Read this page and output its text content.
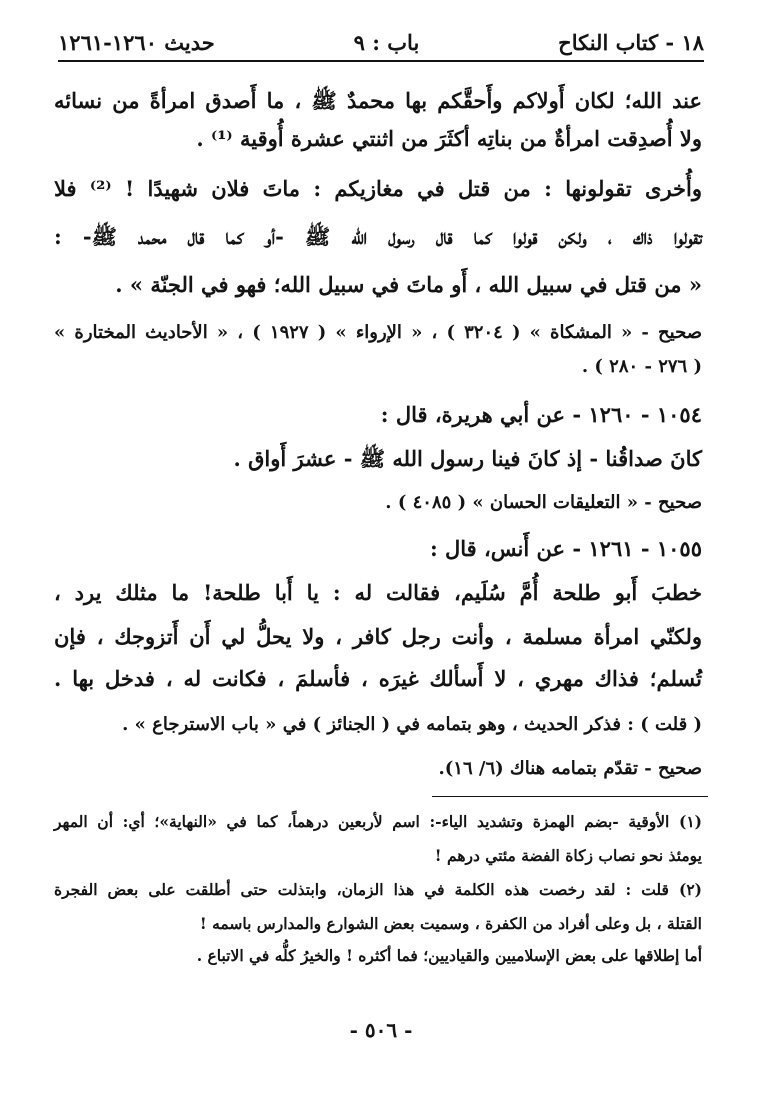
١٨ - كتاب النكاح
باب : ٩
حديث ١٢٦٠-١٢٦١
عند الله؛ لكان أَولاكم وأَحقَّكم بها محمدٌ ﷺ ، ما أَصدق امرأةً من نسائه
ولا أُصدِقت امرأةٌ من بناتِه أكثَرَ من اثنتي عشرة أُوقية ⁽¹⁾ .
وأُخرى تقولونها : من قتل في مغازيكم : ماتَ فلان شهيدًا ! ⁽²⁾ فلا
تقولوا ذاك ، ولكن قولوا كما قال رسول الله ﷺ -أو كما قال محمد ﷺ- :
« من قتل في سبيل الله ، أَو ماتَ في سبيل الله؛ فهو في الجنّة » .
صحيح - « المشكاة » ( ٣٢٠٤ ) ، « الإرواء » ( ١٩٢٧ ) ، « الأحاديث المختارة »
( ٢٧٦ - ٢٨٠ ) .
١٠٥٤ - ١٢٦٠ - عن أبي هريرة، قال :
كانَ صداقُنا - إذ كانَ فينا رسول الله ﷺ - عشرَ أَواق .
صحيح - « التعليقات الحسان » ( ٤٠٨٥ ) .
١٠٥٥ - ١٢٦١ - عن أَنس، قال :
خطبَ أَبو طلحة أُمَّ سُلَيم، فقالت له : يا أَبا طلحة! ما مثلك يرد ،
ولكنّي امرأة مسلمة ، وأنت رجل كافر ، ولا يحلُّ لي أَن أَتزوجك ، فإن
تُسلم؛ فذاك مهري ، لا أَسألك غيرَه ، فأسلمَ ، فكانت له ، فدخل بها .
( قلت ) : فذكر الحديث ، وهو بتمامه في ( الجنائز ) في « باب الاسترجاع » .
صحيح - تقدّم بتمامه هناك (٦/ ١٦).
(١) الأوقية -بضم الهمزة وتشديد الياء-: اسم لأربعين درهماً، كما في «النهاية»؛ أي: أن المهر
يومئذ نحو نصاب زكاة الفضة مئتي درهم !
(٢) قلت : لقد رخصت هذه الكلمة في هذا الزمان، وابتذلت حتى أطلقت على بعض الفجرة
القتلة ، بل وعلى أفراد من الكفرة ، وسميت بعض الشوارع والمدارس باسمه !
أما إطلاقها على بعض الإسلاميين والقياديين؛ فما أكثره ! والخيرُ كلُّه في الاتباع .
- ٥٠٦ -
